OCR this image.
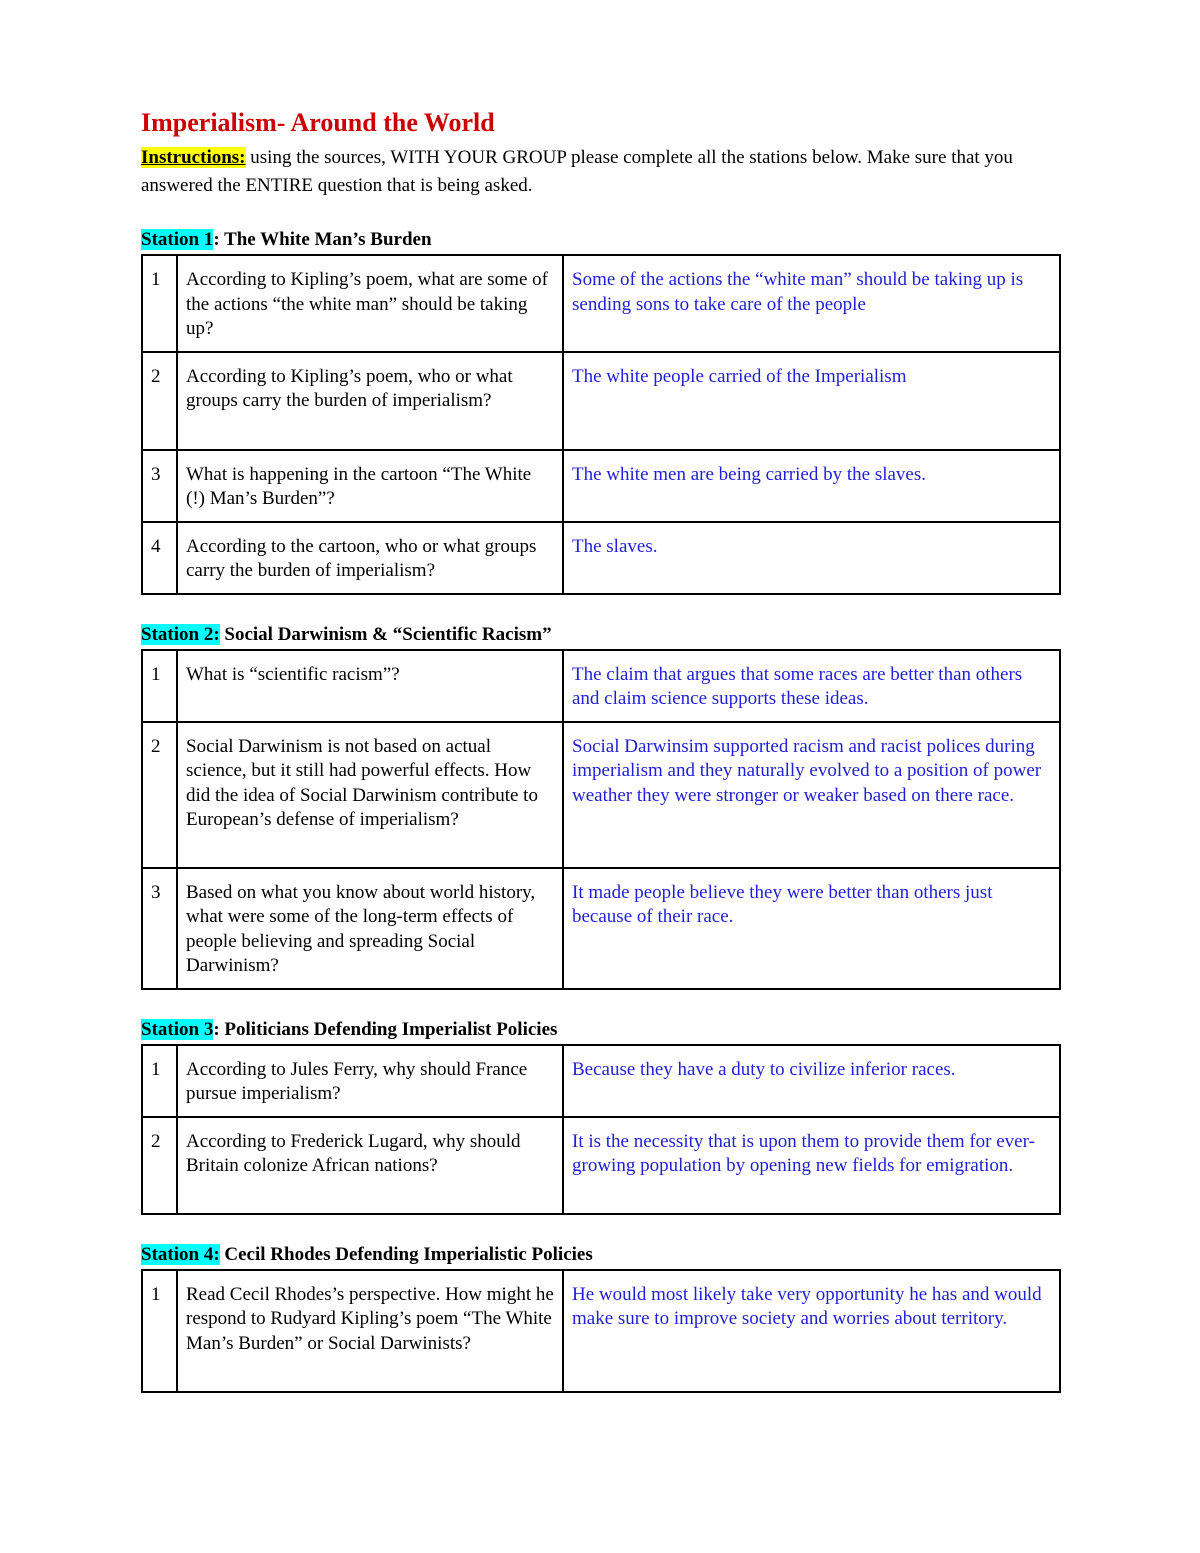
Imperialism- Around the World
Instructions: using the sources, WITH YOUR GROUP please complete all the stations below. Make sure that you answered the ENTIRE question that is being asked.
Station 1: The White Man’s Burden
1	According to Kipling’s poem, what are some of the actions “the white man” should be taking up?	Some of the actions the “white man” should be taking up is sending sons to take care of the people
2	According to Kipling’s poem, who or what groups carry the burden of imperialism?	The white people carried of the Imperialism
3	What is happening in the cartoon “The White (!) Man’s Burden”?	The white men are being carried by the slaves.
4	According to the cartoon, who or what groups carry the burden of imperialism?	The slaves.
Station 2: Social Darwinism & “Scientific Racism”
1	What is “scientific racism”?	The claim that argues that some races are better than others and claim science supports these ideas.
2	Social Darwinism is not based on actual science, but it still had powerful effects. How did the idea of Social Darwinism contribute to European’s defense of imperialism?	Social Darwinsim supported racism and racist polices during imperialism and they naturally evolved to a position of power weather they were stronger or weaker based on there race.
3	Based on what you know about world history, what were some of the long-term effects of people believing and spreading Social Darwinism?	It made people believe they were better than others just because of their race.
Station 3: Politicians Defending Imperialist Policies
1	According to Jules Ferry, why should France pursue imperialism?	Because they have a duty to civilize inferior races.
2	According to Frederick Lugard, why should Britain colonize African nations?	It is the necessity that is upon them to provide them for ever-growing population by opening new fields for emigration.
Station 4: Cecil Rhodes Defending Imperialistic Policies
1	Read Cecil Rhodes’s perspective. How might he respond to Rudyard Kipling’s poem “The White Man’s Burden” or Social Darwinists?	He would most likely take very opportunity he has and would make sure to improve society and worries about territory.
